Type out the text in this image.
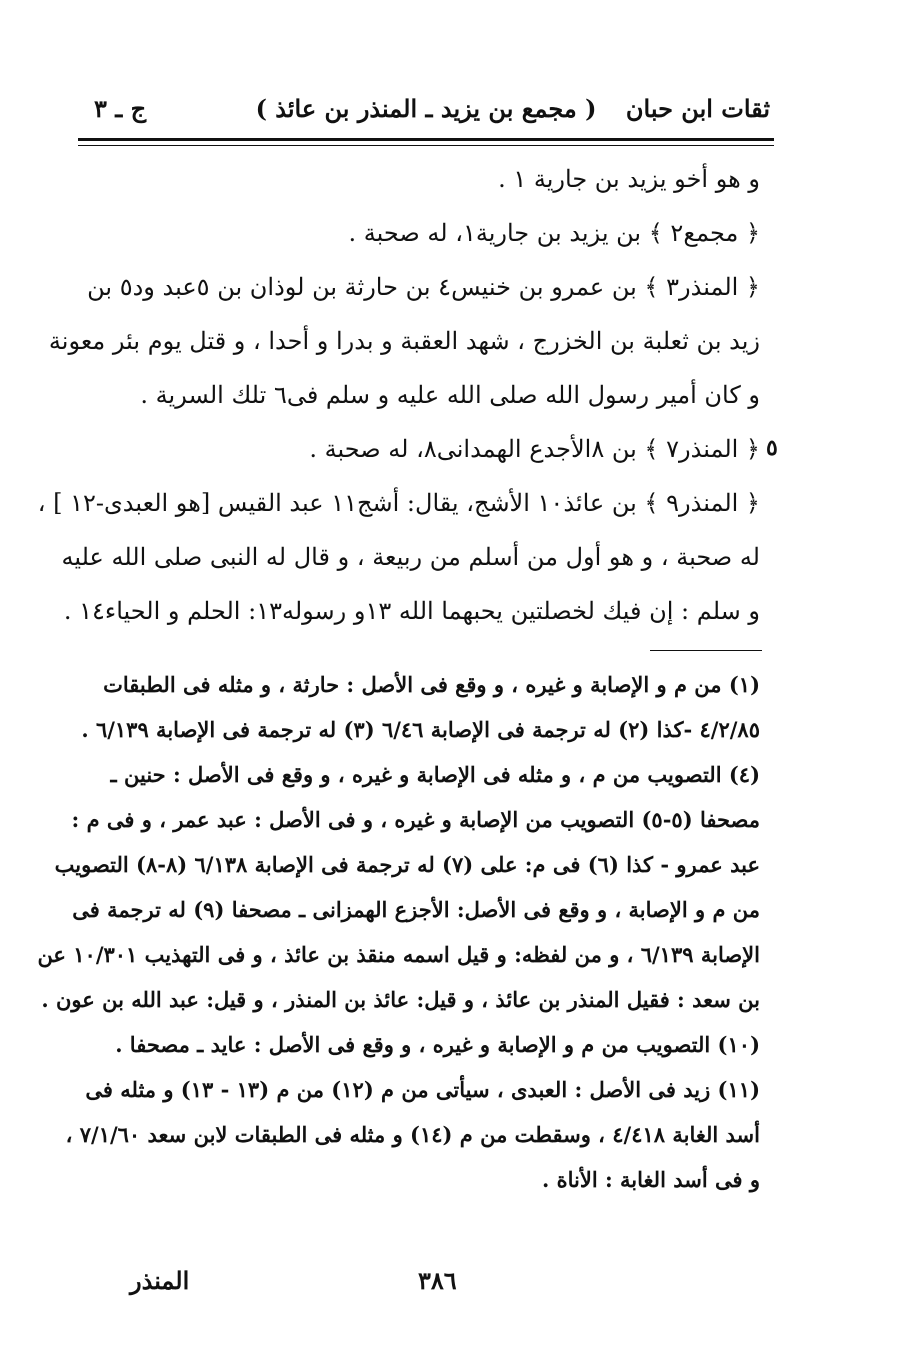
ثقات ابن حبان
( مجمع بن يزيد ـ المنذر بن عائذ )
ج ـ ٣

و هو أخو يزيد بن جارية ١ .

﴿ مجمع٢ ﴾ بن يزيد بن جارية١، له صحبة .

﴿ المنذر٣ ﴾ بن عمرو بن خنيس٤ بن حارثة بن لوذان بن ٥عبد ود٥ بن

زيد بن ثعلبة بن الخزرج ، شهد العقبة و بدرا و أحدا ، و قتل يوم بئر معونة

و كان أمير رسول الله صلى الله عليه و سلم فى٦ تلك السرية .

﴿ المنذر٧ ﴾ بن ٨الأجدع الهمدانى٨، له صحبة .

﴿ المنذر٩ ﴾ بن عائذ١٠ الأشج، يقال: أشج١١ عبد القيس [هو العبدى-١٢ ] ،

له صحبة ، و هو أول من أسلم من ربيعة ، و قال له النبى صلى الله عليه

و سلم : إن فيك لخصلتين يحبهما الله ١٣و رسوله١٣: الحلم و الحياء١٤ .

٥

(١) من م و الإصابة و غيره ، و وقع فى الأصل : حارثة ، و مثله فى الطبقات

٤/٢/٨٥ -كذا (٢) له ترجمة فى الإصابة ٦/٤٦ (٣) له ترجمة فى الإصابة ٦/١٣٩ .

(٤) التصويب من م ، و مثله فى الإصابة و غيره ، و وقع فى الأصل : حنين ـ

مصحفا (٥-٥) التصويب من الإصابة و غيره ، و فى الأصل : عبد عمر ، و فى م :

عبد عمرو - كذا (٦) فى م: على (٧) له ترجمة فى الإصابة ٦/١٣٨ (٨-٨) التصويب

من م و الإصابة ، و وقع فى الأصل: الأجزع الهمزانى ـ مصحفا (٩) له ترجمة فى

الإصابة ٦/١٣٩ ، و من لفظه: و قيل اسمه منقذ بن عائذ ، و فى التهذيب ١٠/٣٠١ عن

بن سعد : فقيل المنذر بن عائذ ، و قيل: عائذ بن المنذر ، و قيل: عبد الله بن عون .

(١٠) التصويب من م و الإصابة و غيره ، و وقع فى الأصل : عايد ـ مصحفا .

(١١) زيد فى الأصل : العبدى ، سيأتى من م (١٢) من م (١٣ - ١٣) و مثله فى

أسد الغابة ٤/٤١٨ ، وسقطت من م (١٤) و مثله فى الطبقات لابن سعد ٧/١/٦٠ ،

و فى أسد الغابة : الأناة .

٣٨٦
المنذر
